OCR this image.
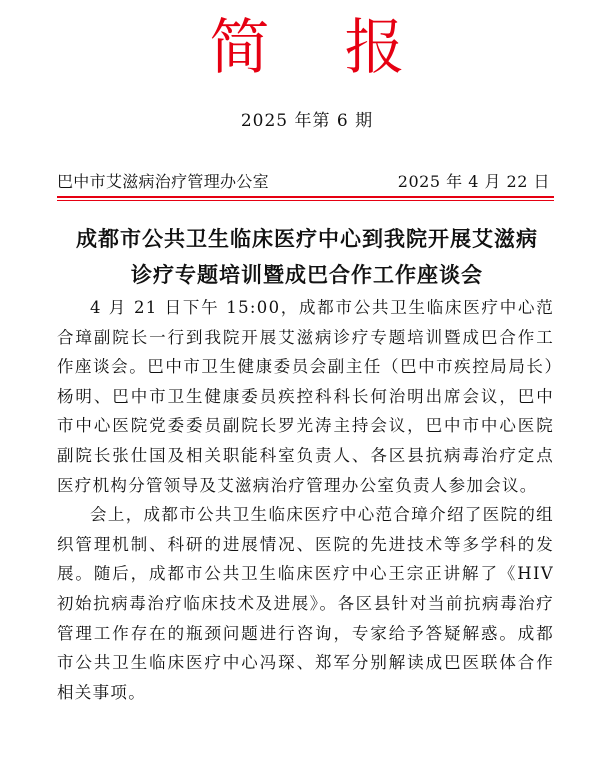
简 报
2025 年第 6 期
巴中市艾滋病治疗管理办公室	2025 年 4 月 22 日
成都市公共卫生临床医疗中心到我院开展艾滋病
诊疗专题培训暨成巴合作工作座谈会

4 月 21 日下午 15:00，成都市公共卫生临床医疗中心范合璋副院长一行到我院开展艾滋病诊疗专题培训暨成巴合作工作座谈会。巴中市卫生健康委员会副主任（巴中市疾控局局长）杨明、巴中市卫生健康委员疾控科科长何治明出席会议，巴中市中心医院党委委员副院长罗光涛主持会议，巴中市中心医院副院长张仕国及相关职能科室负责人、各区县抗病毒治疗定点医疗机构分管领导及艾滋病治疗管理办公室负责人参加会议。

会上，成都市公共卫生临床医疗中心范合璋介绍了医院的组织管理机制、科研的进展情况、医院的先进技术等多学科的发展。随后，成都市公共卫生临床医疗中心王宗正讲解了《HIV 初始抗病毒治疗临床技术及进展》。各区县针对当前抗病毒治疗管理工作存在的瓶颈问题进行咨询，专家给予答疑解惑。成都市公共卫生临床医疗中心冯琛、郑军分别解读成巴医联体合作相关事项。
